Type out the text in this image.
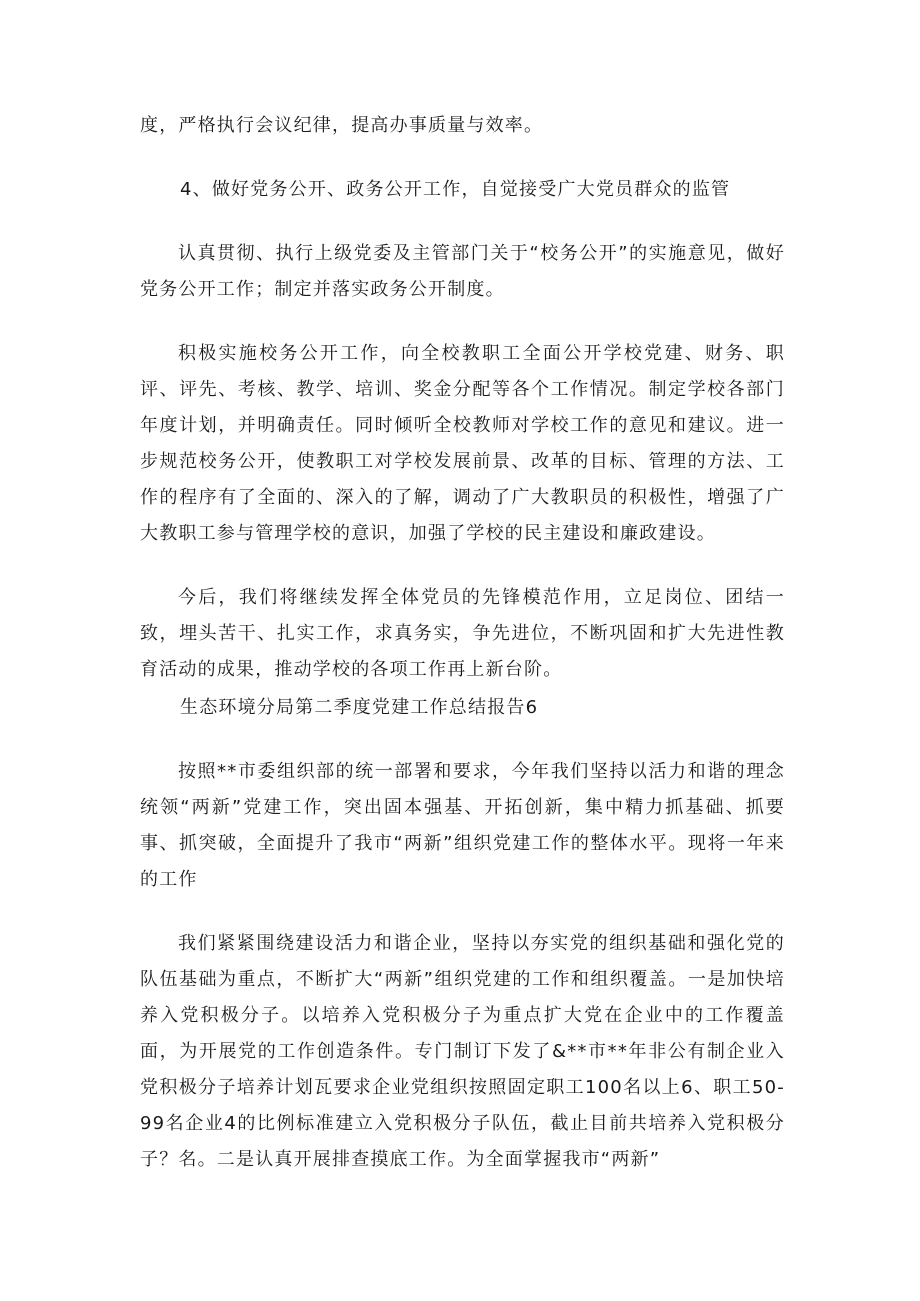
度，严格执行会议纪律，提高办事质量与效率。

4、做好党务公开、政务公开工作，自觉接受广大党员群众的监管

认真贯彻、执行上级党委及主管部门关于“校务公开”的实施意见，做好党务公开工作；制定并落实政务公开制度。

积极实施校务公开工作，向全校教职工全面公开学校党建、财务、职评、评先、考核、教学、培训、奖金分配等各个工作情况。制定学校各部门年度计划，并明确责任。同时倾听全校教师对学校工作的意见和建议。进一步规范校务公开，使教职工对学校发展前景、改革的目标、管理的方法、工作的程序有了全面的、深入的了解，调动了广大教职员的积极性，增强了广大教职工参与管理学校的意识，加强了学校的民主建设和廉政建设。

今后，我们将继续发挥全体党员的先锋模范作用，立足岗位、团结一致，埋头苦干、扎实工作，求真务实，争先进位，不断巩固和扩大先进性教育活动的成果，推动学校的各项工作再上新台阶。

生态环境分局第二季度党建工作总结报告6

按照**市委组织部的统一部署和要求，今年我们坚持以活力和谐的理念统领“两新”党建工作，突出固本强基、开拓创新，集中精力抓基础、抓要事、抓突破，全面提升了我市“两新”组织党建工作的整体水平。现将一年来的工作

我们紧紧围绕建设活力和谐企业，坚持以夯实党的组织基础和强化党的队伍基础为重点，不断扩大“两新”组织党建的工作和组织覆盖。一是加快培养入党积极分子。以培养入党积极分子为重点扩大党在企业中的工作覆盖面，为开展党的工作创造条件。专门制订下发了&**市**年非公有制企业入党积极分子培养计划瓦要求企业党组织按照固定职工100名以上6、职工50-99名企业4的比例标准建立入党积极分子队伍，截止目前共培养入党积极分子？名。二是认真开展排查摸底工作。为全面掌握我市“两新”
